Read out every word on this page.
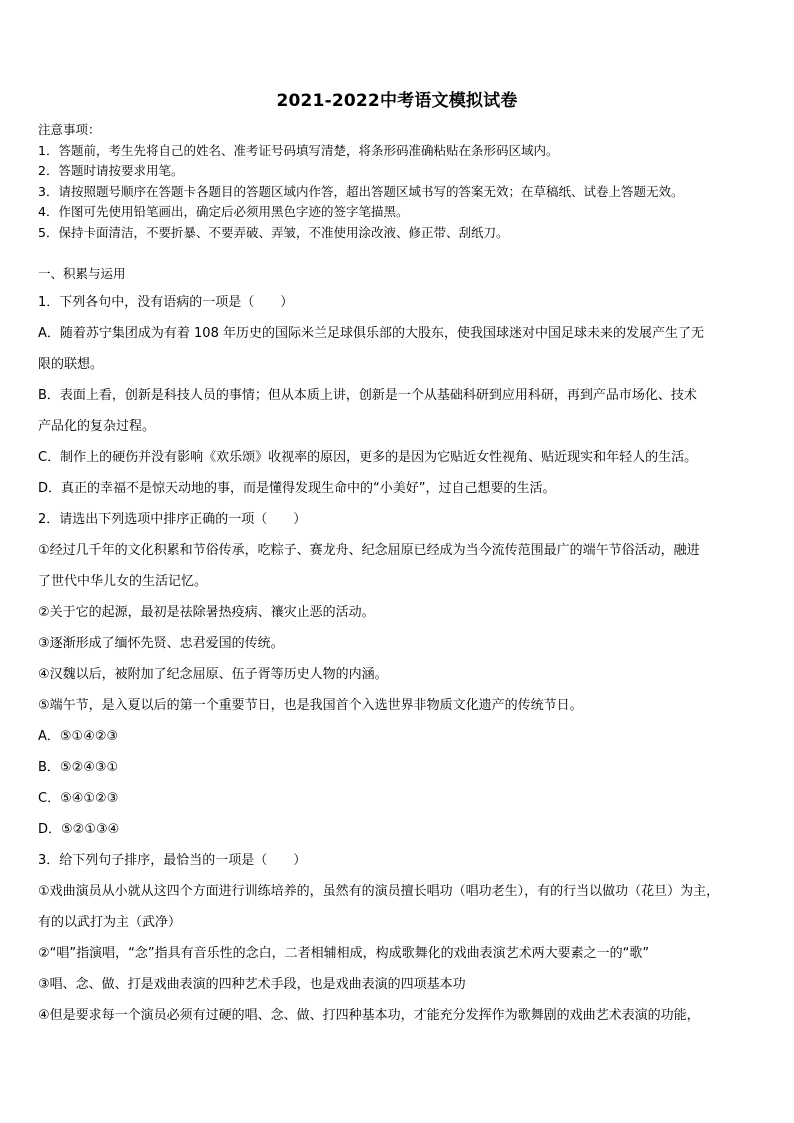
2021-2022中考语文模拟试卷
注意事项：
1．答题前，考生先将自己的姓名、准考证号码填写清楚，将条形码准确粘贴在条形码区域内。
2．答题时请按要求用笔。
3．请按照题号顺序在答题卡各题目的答题区域内作答，超出答题区域书写的答案无效；在草稿纸、试卷上答题无效。
4．作图可先使用铅笔画出，确定后必须用黑色字迹的签字笔描黑。
5．保持卡面清洁，不要折暴、不要弄破、弄皱，不准使用涂改液、修正带、刮纸刀。
一、积累与运用
1．下列各句中，没有语病的一项是（　　）
A．随着苏宁集团成为有着 108 年历史的国际米兰足球俱乐部的大股东，使我国球迷对中国足球未来的发展产生了无
限的联想。
B．表面上看，创新是科技人员的事情；但从本质上讲，创新是一个从基础科研到应用科研，再到产品市场化、技术
产品化的复杂过程。
C．制作上的硬伤并没有影响《欢乐颂》收视率的原因，更多的是因为它贴近女性视角、贴近现实和年轻人的生活。
D．真正的幸福不是惊天动地的事，而是懂得发现生命中的“小美好”，过自己想要的生活。
2．请选出下列选项中排序正确的一项（　　）
①经过几千年的文化积累和节俗传承，吃粽子、赛龙舟、纪念屈原已经成为当今流传范围最广的端午节俗活动，融进
了世代中华儿女的生活记忆。
②关于它的起源，最初是祛除暑热疫病、禳灾止恶的活动。
③逐渐形成了缅怀先贤、忠君爱国的传统。
④汉魏以后，被附加了纪念屈原、伍子胥等历史人物的内涵。
⑤端午节，是入夏以后的第一个重要节日，也是我国首个入选世界非物质文化遗产的传统节日。
A．⑤①④②③
B．⑤②④③①
C．⑤④①②③
D．⑤②①③④
3．给下列句子排序，最恰当的一项是（　　）
①戏曲演员从小就从这四个方面进行训练培养的，虽然有的演员擅长唱功（唱功老生），有的行当以做功（花旦）为主，
有的以武打为主（武净）
②“唱”指演唱，“念”指具有音乐性的念白，二者相辅相成，构成歌舞化的戏曲表演艺术两大要素之一的“歌”
③唱、念、做、打是戏曲表演的四种艺术手段，也是戏曲表演的四项基本功
④但是要求每一个演员必须有过硬的唱、念、做、打四种基本功，才能充分发挥作为歌舞剧的戏曲艺术表演的功能，
